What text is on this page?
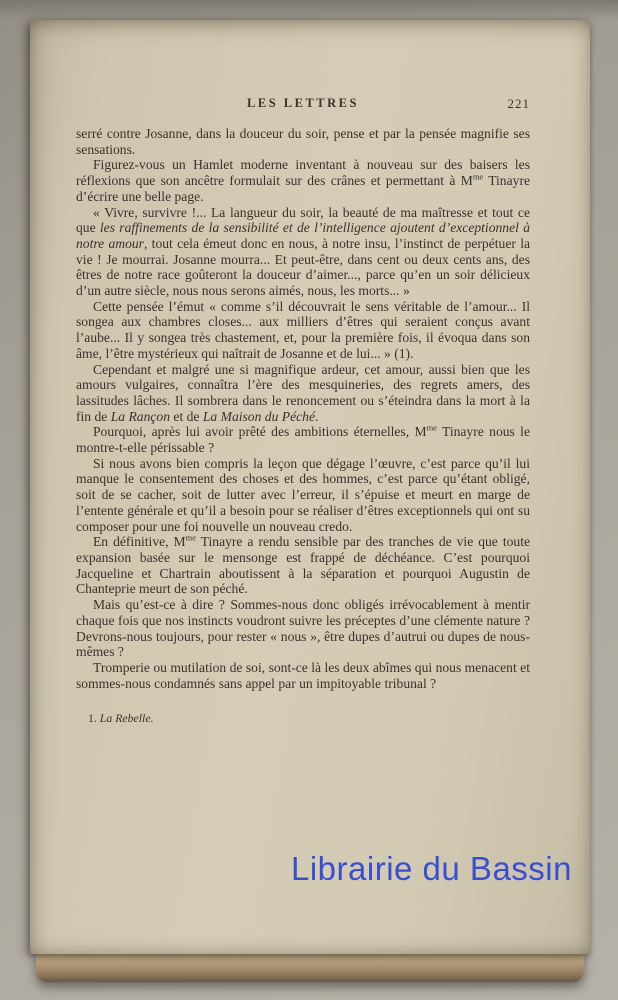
LES LETTRES	221

serré contre Josanne, dans la douceur du soir, pense et par la pensée magnifie ses sensations.

Figurez-vous un Hamlet moderne inventant à nouveau sur des baisers les réflexions que son ancêtre formulait sur des crânes et permettant à $M^{me}$ Tinayre d’écrire une belle page.

« Vivre, survivre !... La langueur du soir, la beauté de ma maîtresse et tout ce que les raffinements de la sensibilité et de l’intelligence ajoutent d’exceptionnel à notre amour, tout cela émeut donc en nous, à notre insu, l’instinct de perpétuer la vie ! Je mourrai. Josanne mourra... Et peut-être, dans cent ou deux cents ans, des êtres de notre race goûteront la douceur d’aimer..., parce qu’en un soir délicieux d’un autre siècle, nous nous serons aimés, nous, les morts... »

Cette pensée l’émut « comme s’il découvrait le sens véritable de l’amour... Il songea aux chambres closes... aux milliers d’êtres qui seraient conçus avant l’aube... Il y songea très chastement, et, pour la première fois, il évoqua dans son âme, l’être mystérieux qui naîtrait de Josanne et de lui... » (1).

Cependant et malgré une si magnifique ardeur, cet amour, aussi bien que les amours vulgaires, connaîtra l’ère des mesquineries, des regrets amers, des lassitudes lâches. Il sombrera dans le renoncement ou s’éteindra dans la mort à la fin de La Rançon et de La Maison du Péché.

Pourquoi, après lui avoir prêté des ambitions éternelles, $M^{me}$ Tinayre nous le montre-t-elle périssable ?

Si nous avons bien compris la leçon que dégage l’œuvre, c’est parce qu’il lui manque le consentement des choses et des hommes, c’est parce qu’étant obligé, soit de se cacher, soit de lutter avec l’erreur, il s’épuise et meurt en marge de l’entente générale et qu’il a besoin pour se réaliser d’êtres exceptionnels qui ont su composer pour une foi nouvelle un nouveau credo.

En définitive, $M^{me}$ Tinayre a rendu sensible par des tranches de vie que toute expansion basée sur le mensonge est frappé de déchéance. C’est pourquoi Jacqueline et Chartrain aboutissent à la séparation et pourquoi Augustin de Chanteprie meurt de son péché.

Mais qu’est-ce à dire ? Sommes-nous donc obligés irrévocablement à mentir chaque fois que nos instincts voudront suivre les préceptes d’une clémente nature ? Devrons-nous toujours, pour rester « nous », être dupes d’autrui ou dupes de nous-mêmes ?

Tromperie ou mutilation de soi, sont-ce là les deux abîmes qui nous menacent et sommes-nous condamnés sans appel par un impitoyable tribunal ?

1. La Rebelle.
Librairie du Bassin
